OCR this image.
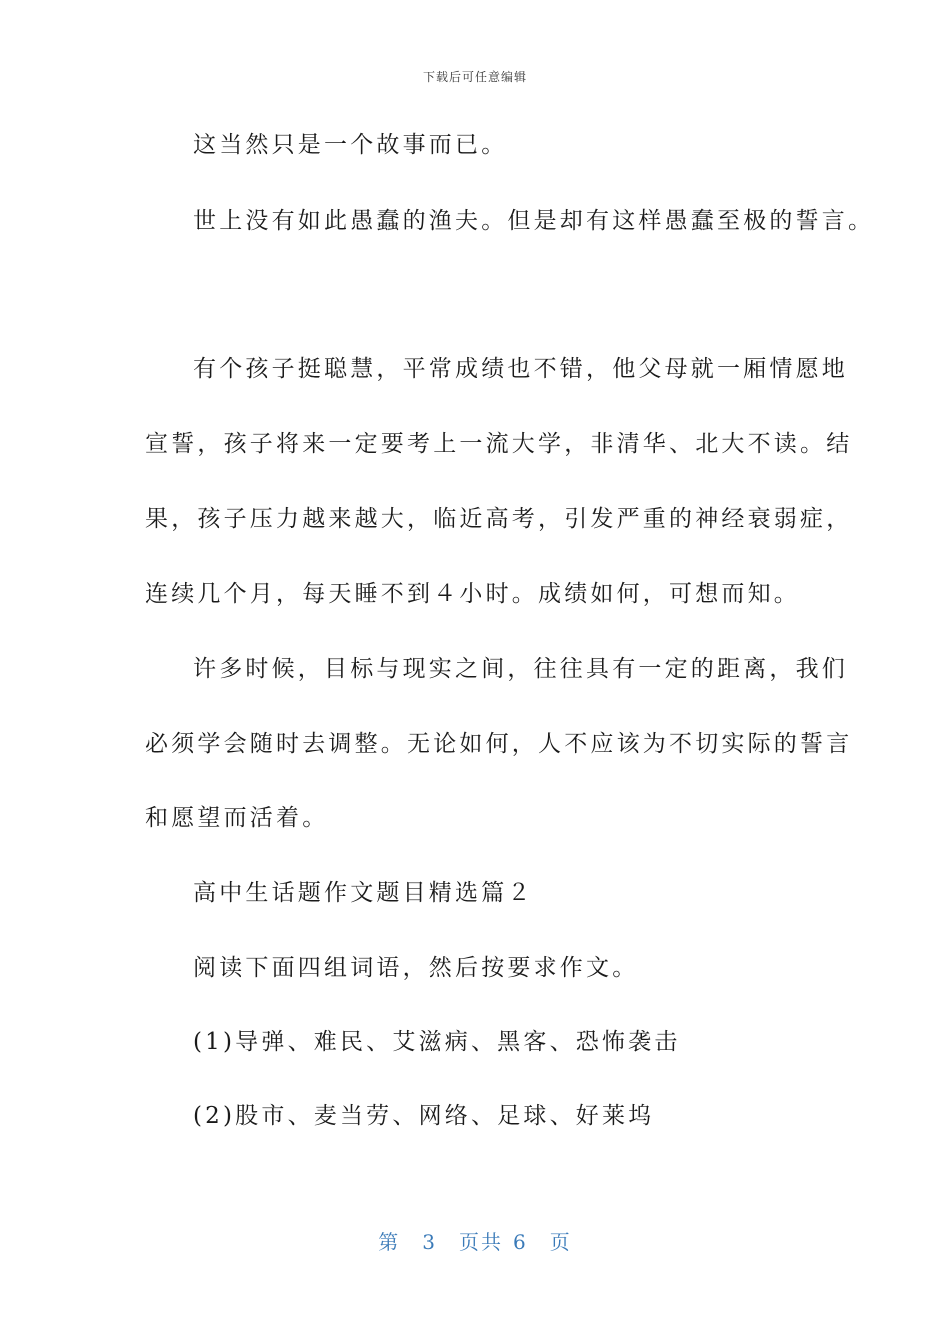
下载后可任意编辑
这当然只是一个故事而已。
世上没有如此愚蠢的渔夫。但是却有这样愚蠢至极的誓言。
有个孩子挺聪慧，平常成绩也不错，他父母就一厢情愿地
宣誓，孩子将来一定要考上一流大学，非清华、北大不读。结
果，孩子压力越来越大，临近高考，引发严重的神经衰弱症，
连续几个月，每天睡不到４小时。成绩如何，可想而知。
许多时候，目标与现实之间，往往具有一定的距离，我们
必须学会随时去调整。无论如何，人不应该为不切实际的誓言
和愿望而活着。
高中生话题作文题目精选篇２
阅读下面四组词语，然后按要求作文。
(1)导弹、难民、艾滋病、黑客、恐怖袭击
(2)股市、麦当劳、网络、足球、好莱坞
第 3 页共 6 页
